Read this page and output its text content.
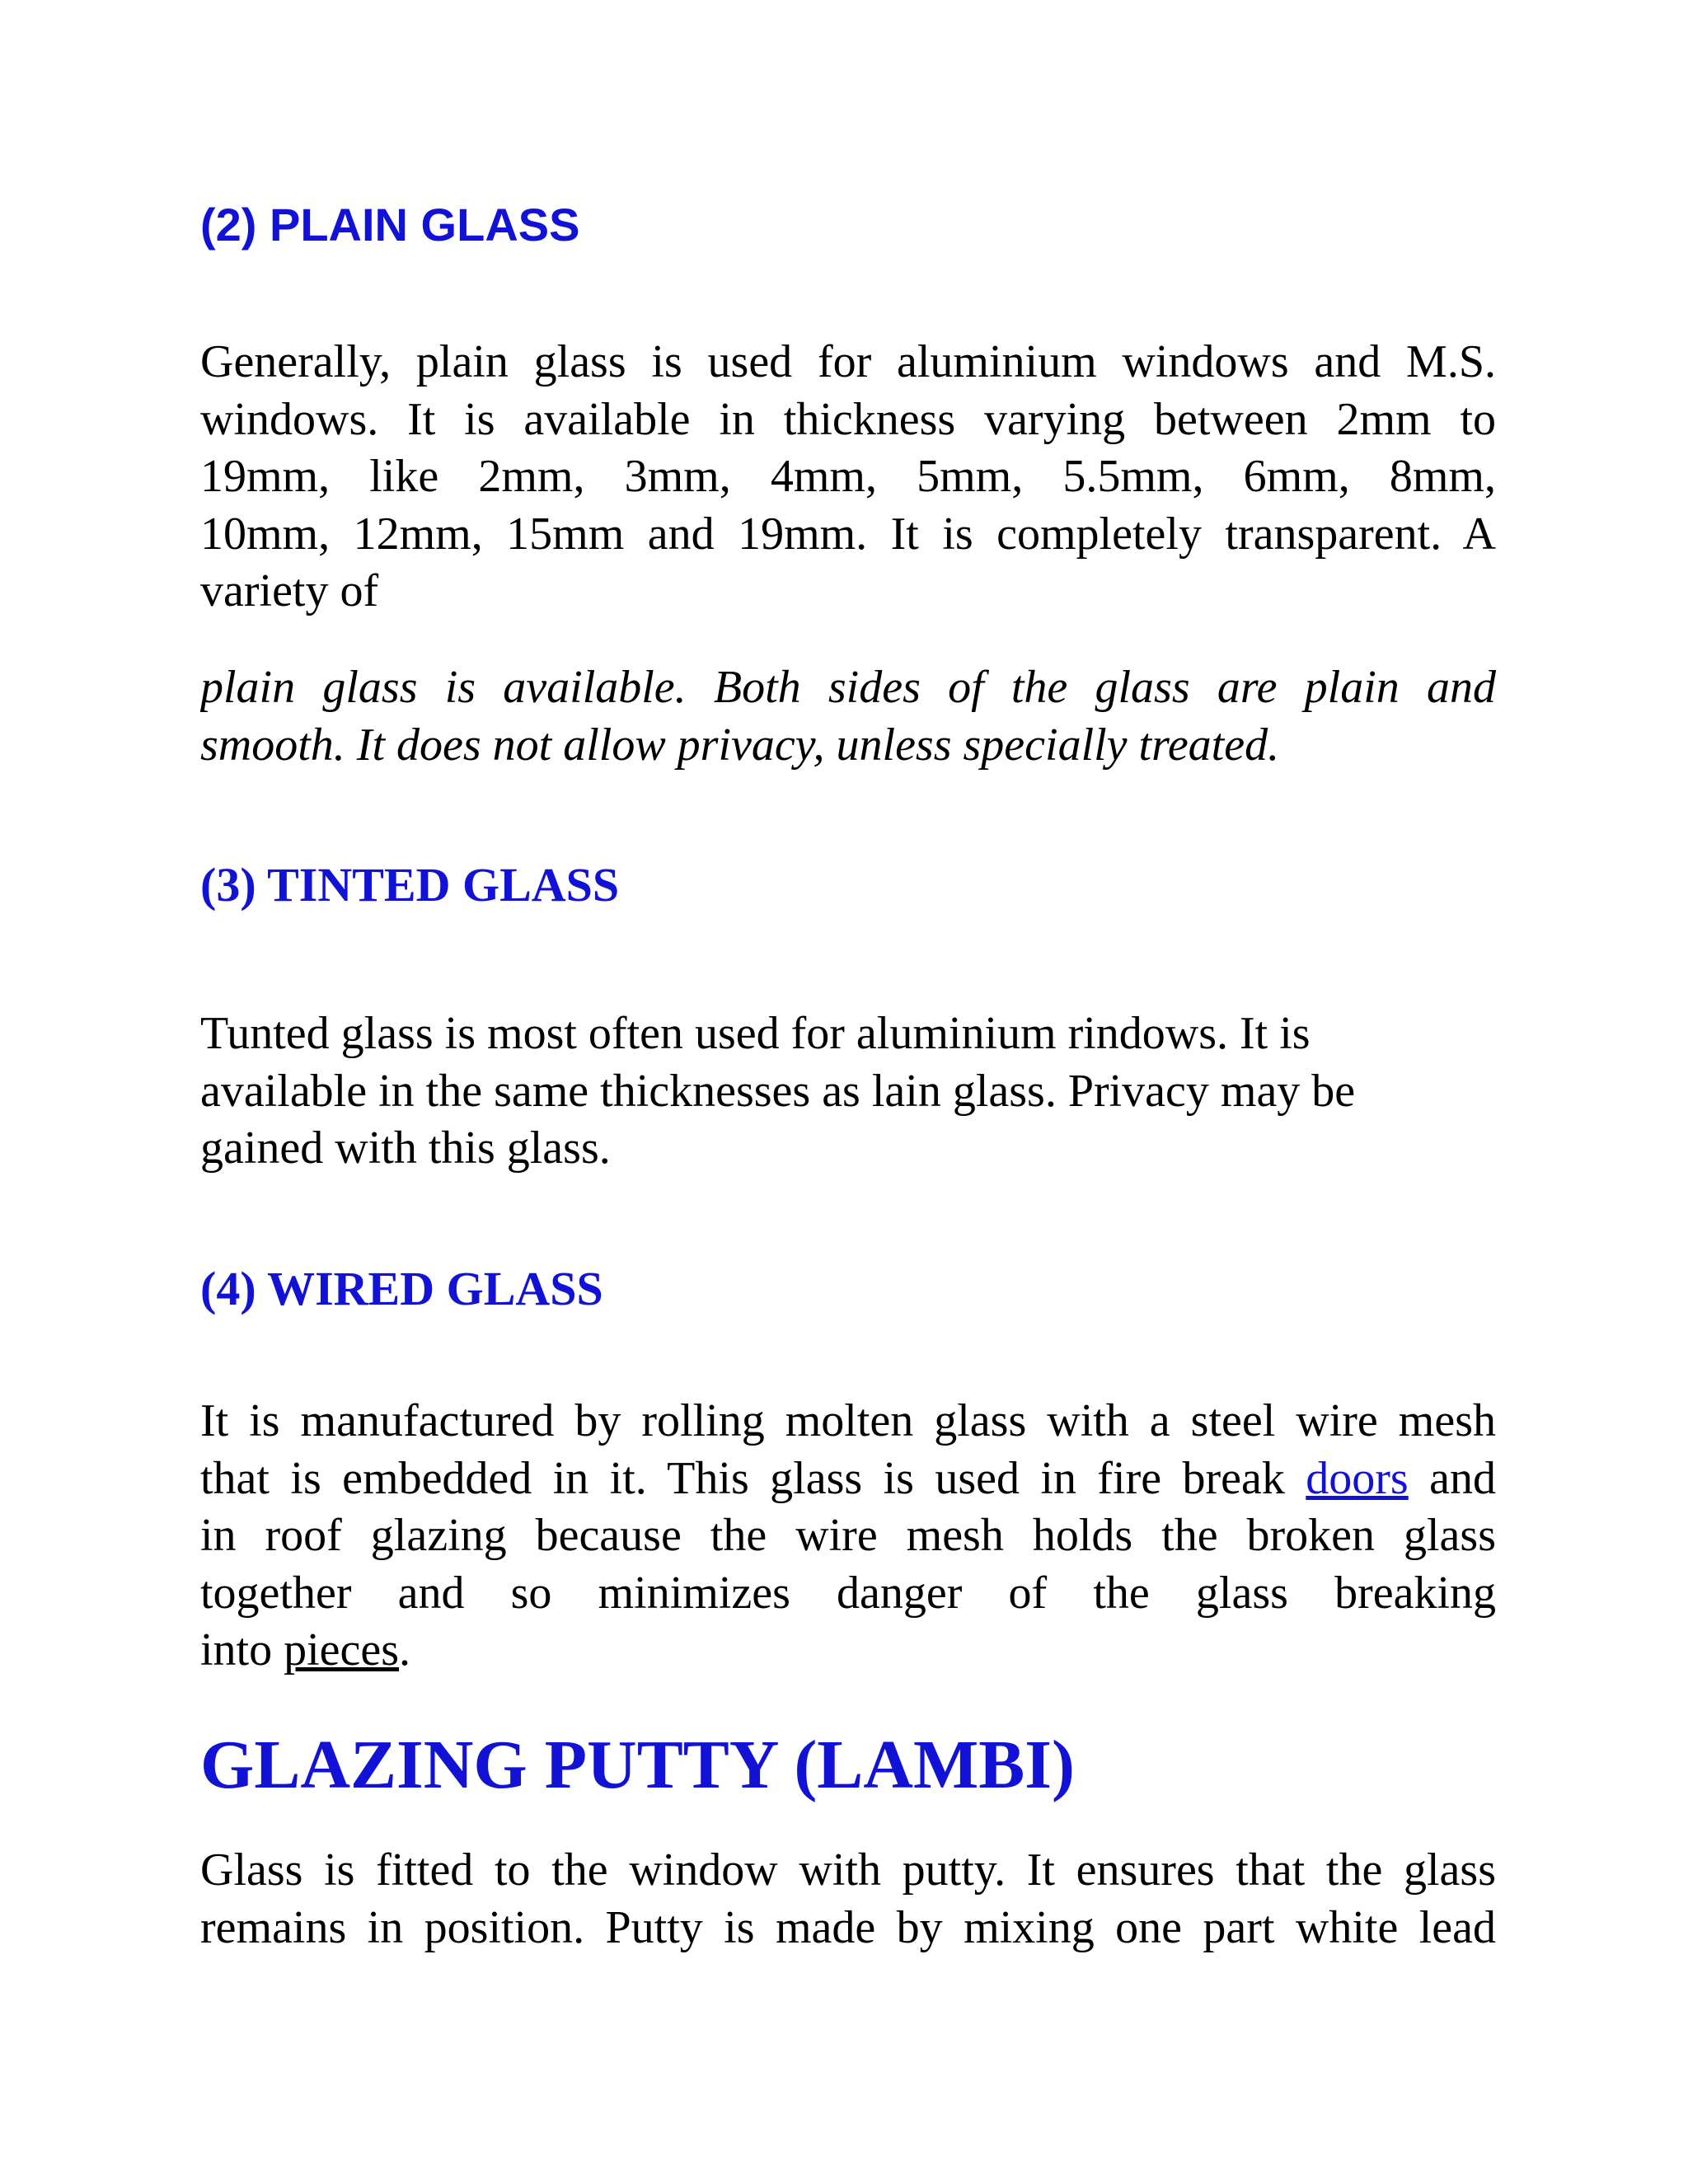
(2) PLAIN GLASS
Generally, plain glass is used for aluminium windows and M.S.
windows. It is available in thickness varying between 2mm to
19mm, like 2mm, 3mm, 4mm, 5mm, 5.5mm, 6mm, 8mm,
10mm, 12mm, 15mm and 19mm. It is completely transparent. A
variety of
plain glass is available. Both sides of the glass are plain and
smooth. It does not allow privacy, unless specially treated.
(3) TINTED GLASS
Tunted glass is most often used for aluminium rindows. It is
available in the same thicknesses as lain glass. Privacy may be
gained with this glass.
(4) WIRED GLASS
It is manufactured by rolling molten glass with a steel wire mesh
that is embedded in it. This glass is used in fire break doors and
in roof glazing because the wire mesh holds the broken glass
together and so minimizes danger of the glass breaking
into pieces.
GLAZING PUTTY (LAMBI)
Glass is fitted to the window with putty. It ensures that the glass
remains in position. Putty is made by mixing one part white lead
